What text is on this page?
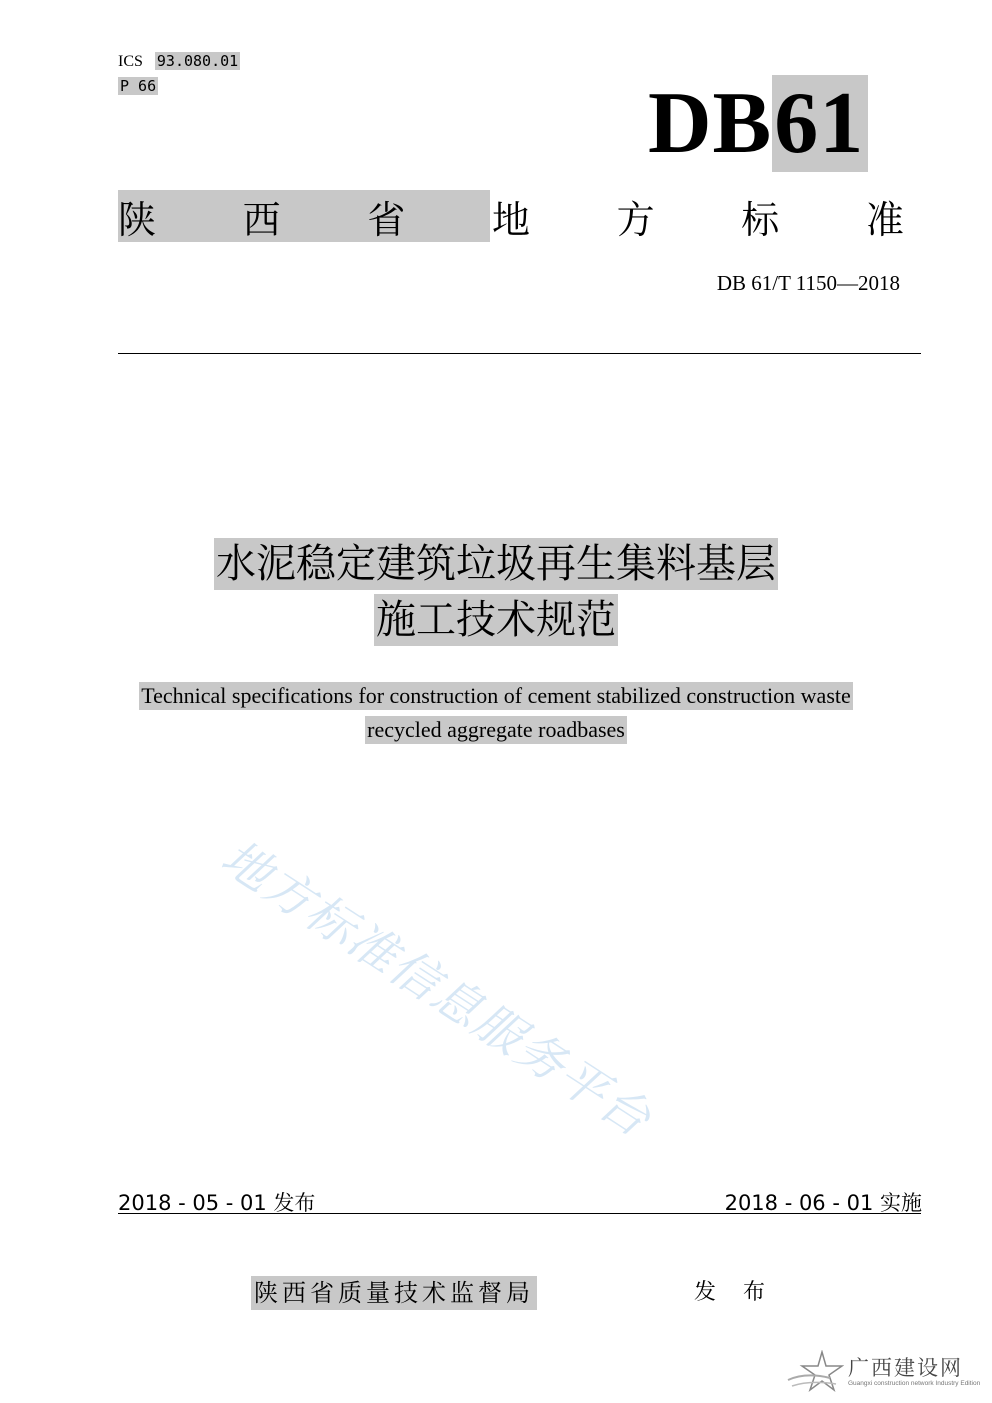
ICS 93.080.01
P 66	DB61
陕 西 省 地 方 标 准
DB 61/T 1150—2018
水泥稳定建筑垃圾再生集料基层
施工技术规范
Technical specifications for construction of cement stabilized construction waste
recycled aggregate roadbases
地方标准信息服务平台
2018 - 05 - 01 发布	2018 - 06 - 01 实施
陕西省质量技术监督局	发 布
广西建设网
Guangxi construction network Industry Edition
